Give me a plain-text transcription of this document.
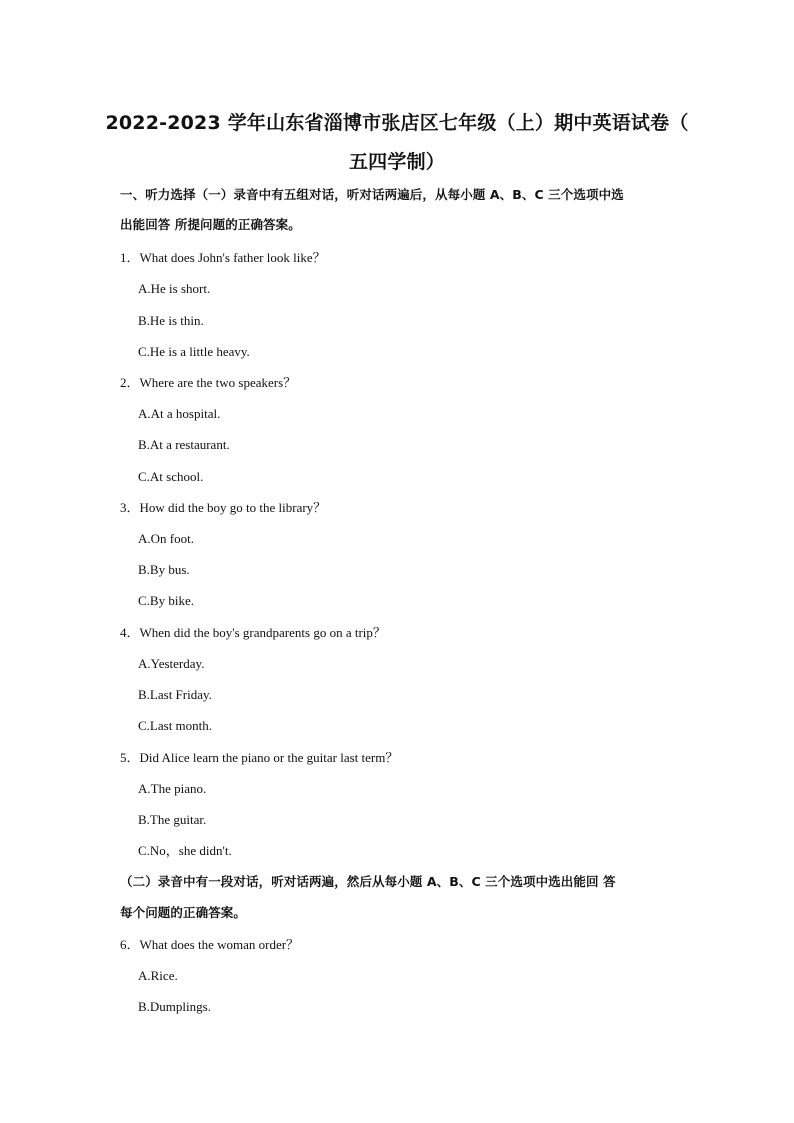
2022-2023 学年山东省淄博市张店区七年级（上）期中英语试卷（
五四学制）
一、听力选择（一）录音中有五组对话，听对话两遍后，从每小题 A、B、C 三个选项中选
出能回答 所提问题的正确答案。
1．What does John's father look like？
A.He is short.
B.He is thin.
C.He is a little heavy.
2．Where are the two speakers？
A.At a hospital.
B.At a restaurant.
C.At school.
3．How did the boy go to the library？
A.On foot.
B.By bus.
C.By bike.
4．When did the boy's grandparents go on a trip？
A.Yesterday.
B.Last Friday.
C.Last month.
5．Did Alice learn the piano or the guitar last term？
A.The piano.
B.The guitar.
C.No，she didn't.
（二）录音中有一段对话，听对话两遍，然后从每小题 A、B、C 三个选项中选出能回 答
每个问题的正确答案。
6．What does the woman order？
A.Rice.
B.Dumplings.
